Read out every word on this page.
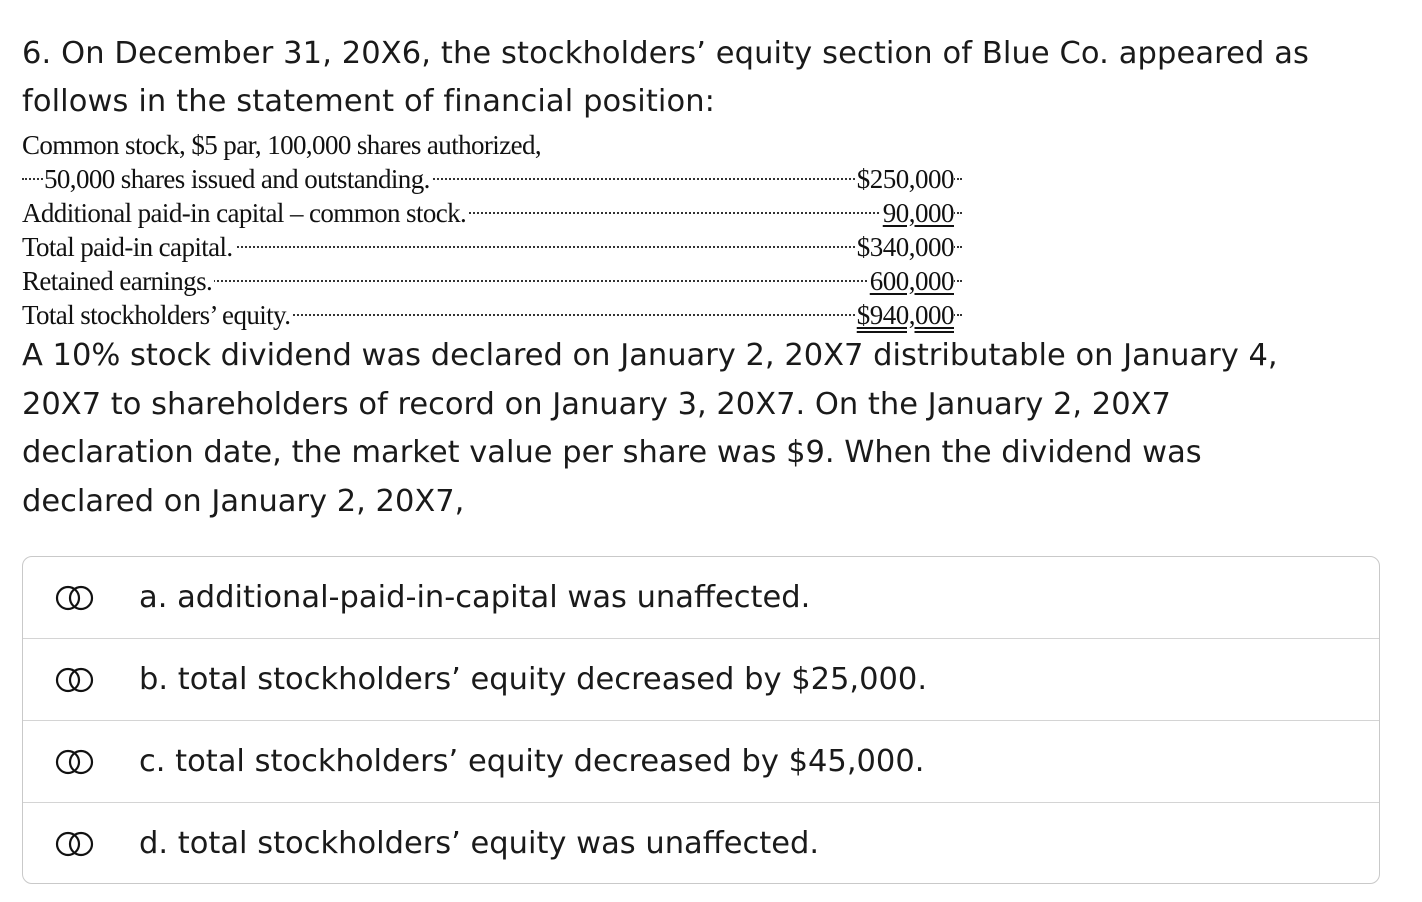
6. On December 31, 20X6, the stockholders’ equity section of Blue Co. appeared as

follows in the statement of financial position:

Common stock, $5 par, 100,000 shares authorized,
50,000 shares issued and outstanding.	$250,000
Additional paid-in capital – common stock.	90,000
Total paid-in capital.	$340,000
Retained earnings.	600,000
Total stockholders’ equity.	$940,000
A 10% stock dividend was declared on January 2, 20X7 distributable on January 4,
20X7 to shareholders of record on January 3, 20X7. On the January 2, 20X7
declaration date, the market value per share was $9. When the dividend was
declared on January 2, 20X7,
a. additional-paid-in-capital was unaffected.
b. total stockholders’ equity decreased by $25,000.
c. total stockholders’ equity decreased by $45,000.
d. total stockholders’ equity was unaffected.
